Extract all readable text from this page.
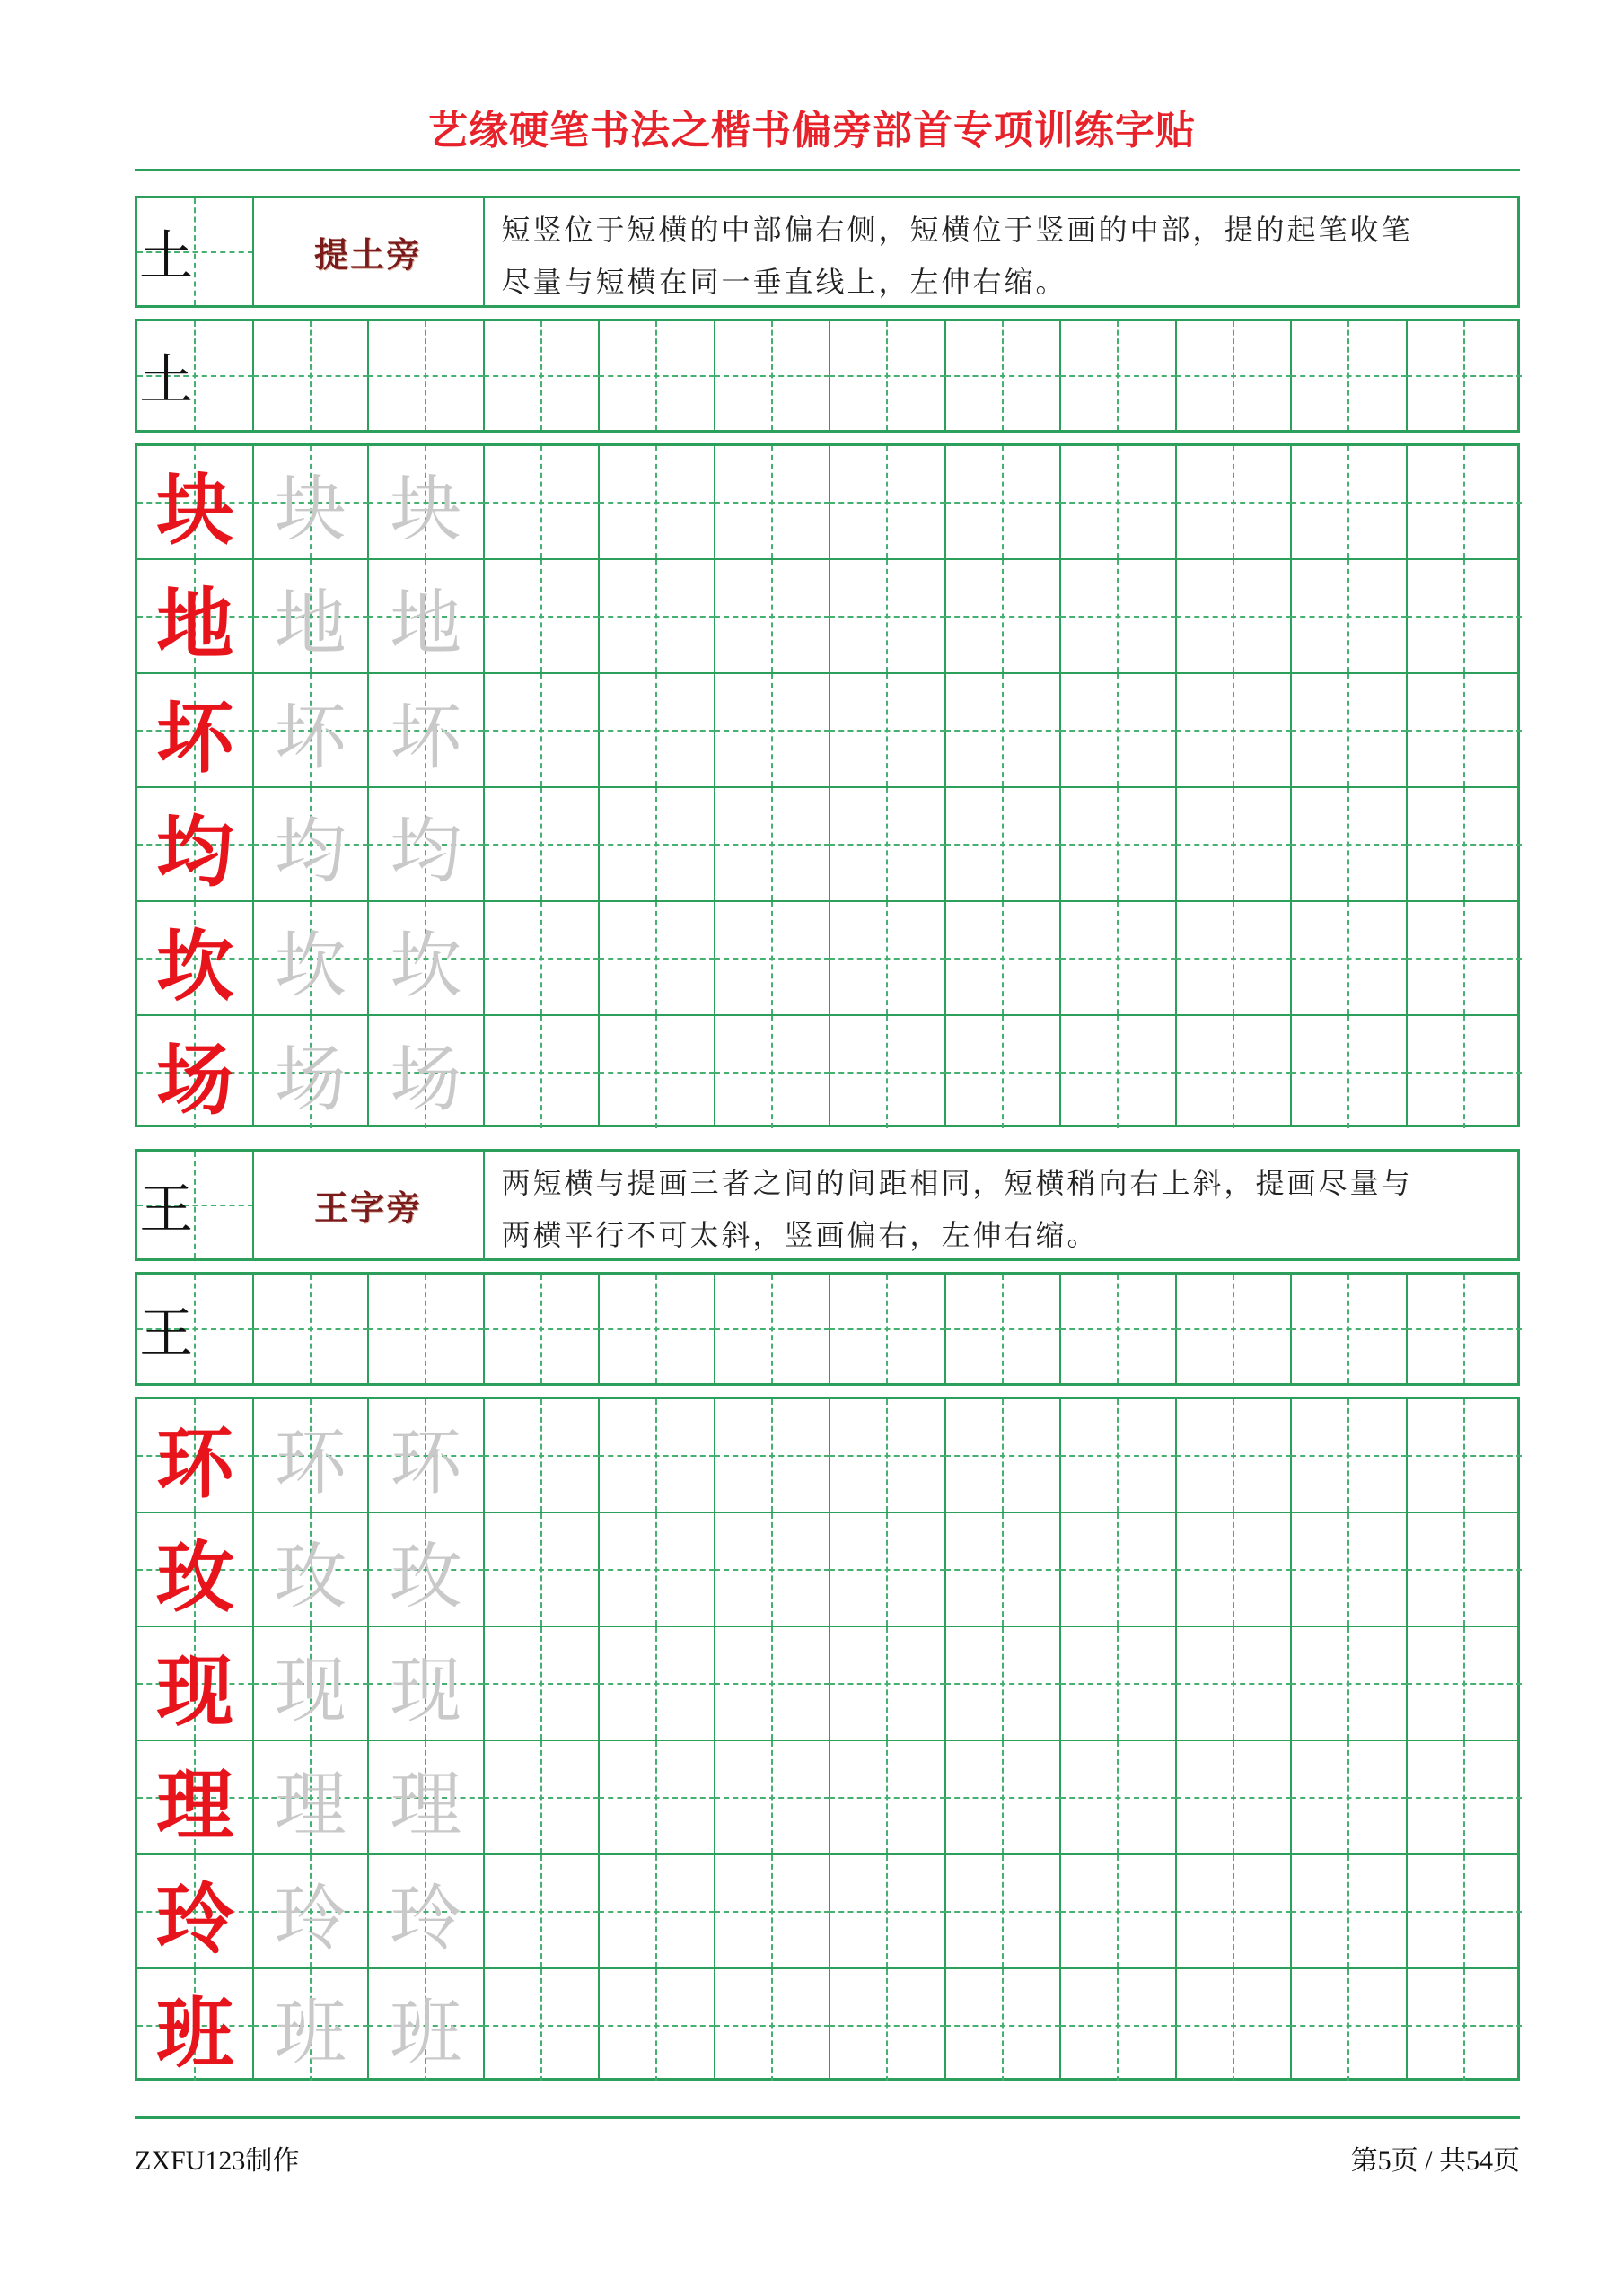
艺缘硬笔书法之楷书偏旁部首专项训练字贴
土	提土旁
短竖位于短横的中部偏右侧，短横位于竖画的中部，提的起笔收笔
尽量与短横在同一垂直线上，左伸右缩。
土
块 块 块
地 地 地
坏 坏 坏
均 均 均
坎 坎 坎
场 场 场
王	王字旁
两短横与提画三者之间的间距相同，短横稍向右上斜，提画尽量与
两横平行不可太斜，竖画偏右，左伸右缩。
王
环 环 环
玫 玫 玫
现 现 现
理 理 理
玲 玲 玲
班 班 班
ZXFU123制作	第5页 / 共54页
